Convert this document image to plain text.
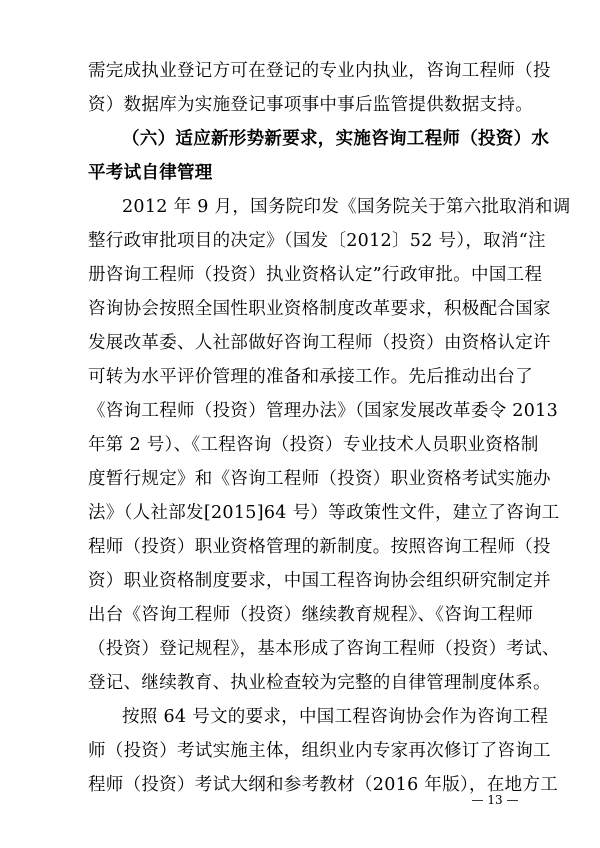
需完成执业登记方可在登记的专业内执业，咨询工程师（投
资）数据库为实施登记事项事中事后监管提供数据支持。
（六）适应新形势新要求，实施咨询工程师（投资）水
平考试自律管理
2012 年 9 月，国务院印发《国务院关于第六批取消和调
整行政审批项目的决定》（国发〔2012〕52 号），取消“注
册咨询工程师（投资）执业资格认定”行政审批。中国工程
咨询协会按照全国性职业资格制度改革要求，积极配合国家
发展改革委、人社部做好咨询工程师（投资）由资格认定许
可转为水平评价管理的准备和承接工作。先后推动出台了
《咨询工程师（投资）管理办法》（国家发展改革委令 2013
年第 2 号）、《工程咨询（投资）专业技术人员职业资格制
度暂行规定》和《咨询工程师（投资）职业资格考试实施办
法》（人社部发[2015]64 号）等政策性文件，建立了咨询工
程师（投资）职业资格管理的新制度。按照咨询工程师（投
资）职业资格制度要求，中国工程咨询协会组织研究制定并
出台《咨询工程师（投资）继续教育规程》、《咨询工程师
（投资）登记规程》，基本形成了咨询工程师（投资）考试、
登记、继续教育、执业检查较为完整的自律管理制度体系。
按照 64 号文的要求，中国工程咨询协会作为咨询工程
师（投资）考试实施主体，组织业内专家再次修订了咨询工
程师（投资）考试大纲和参考教材（2016 年版），在地方工
— 13 —
